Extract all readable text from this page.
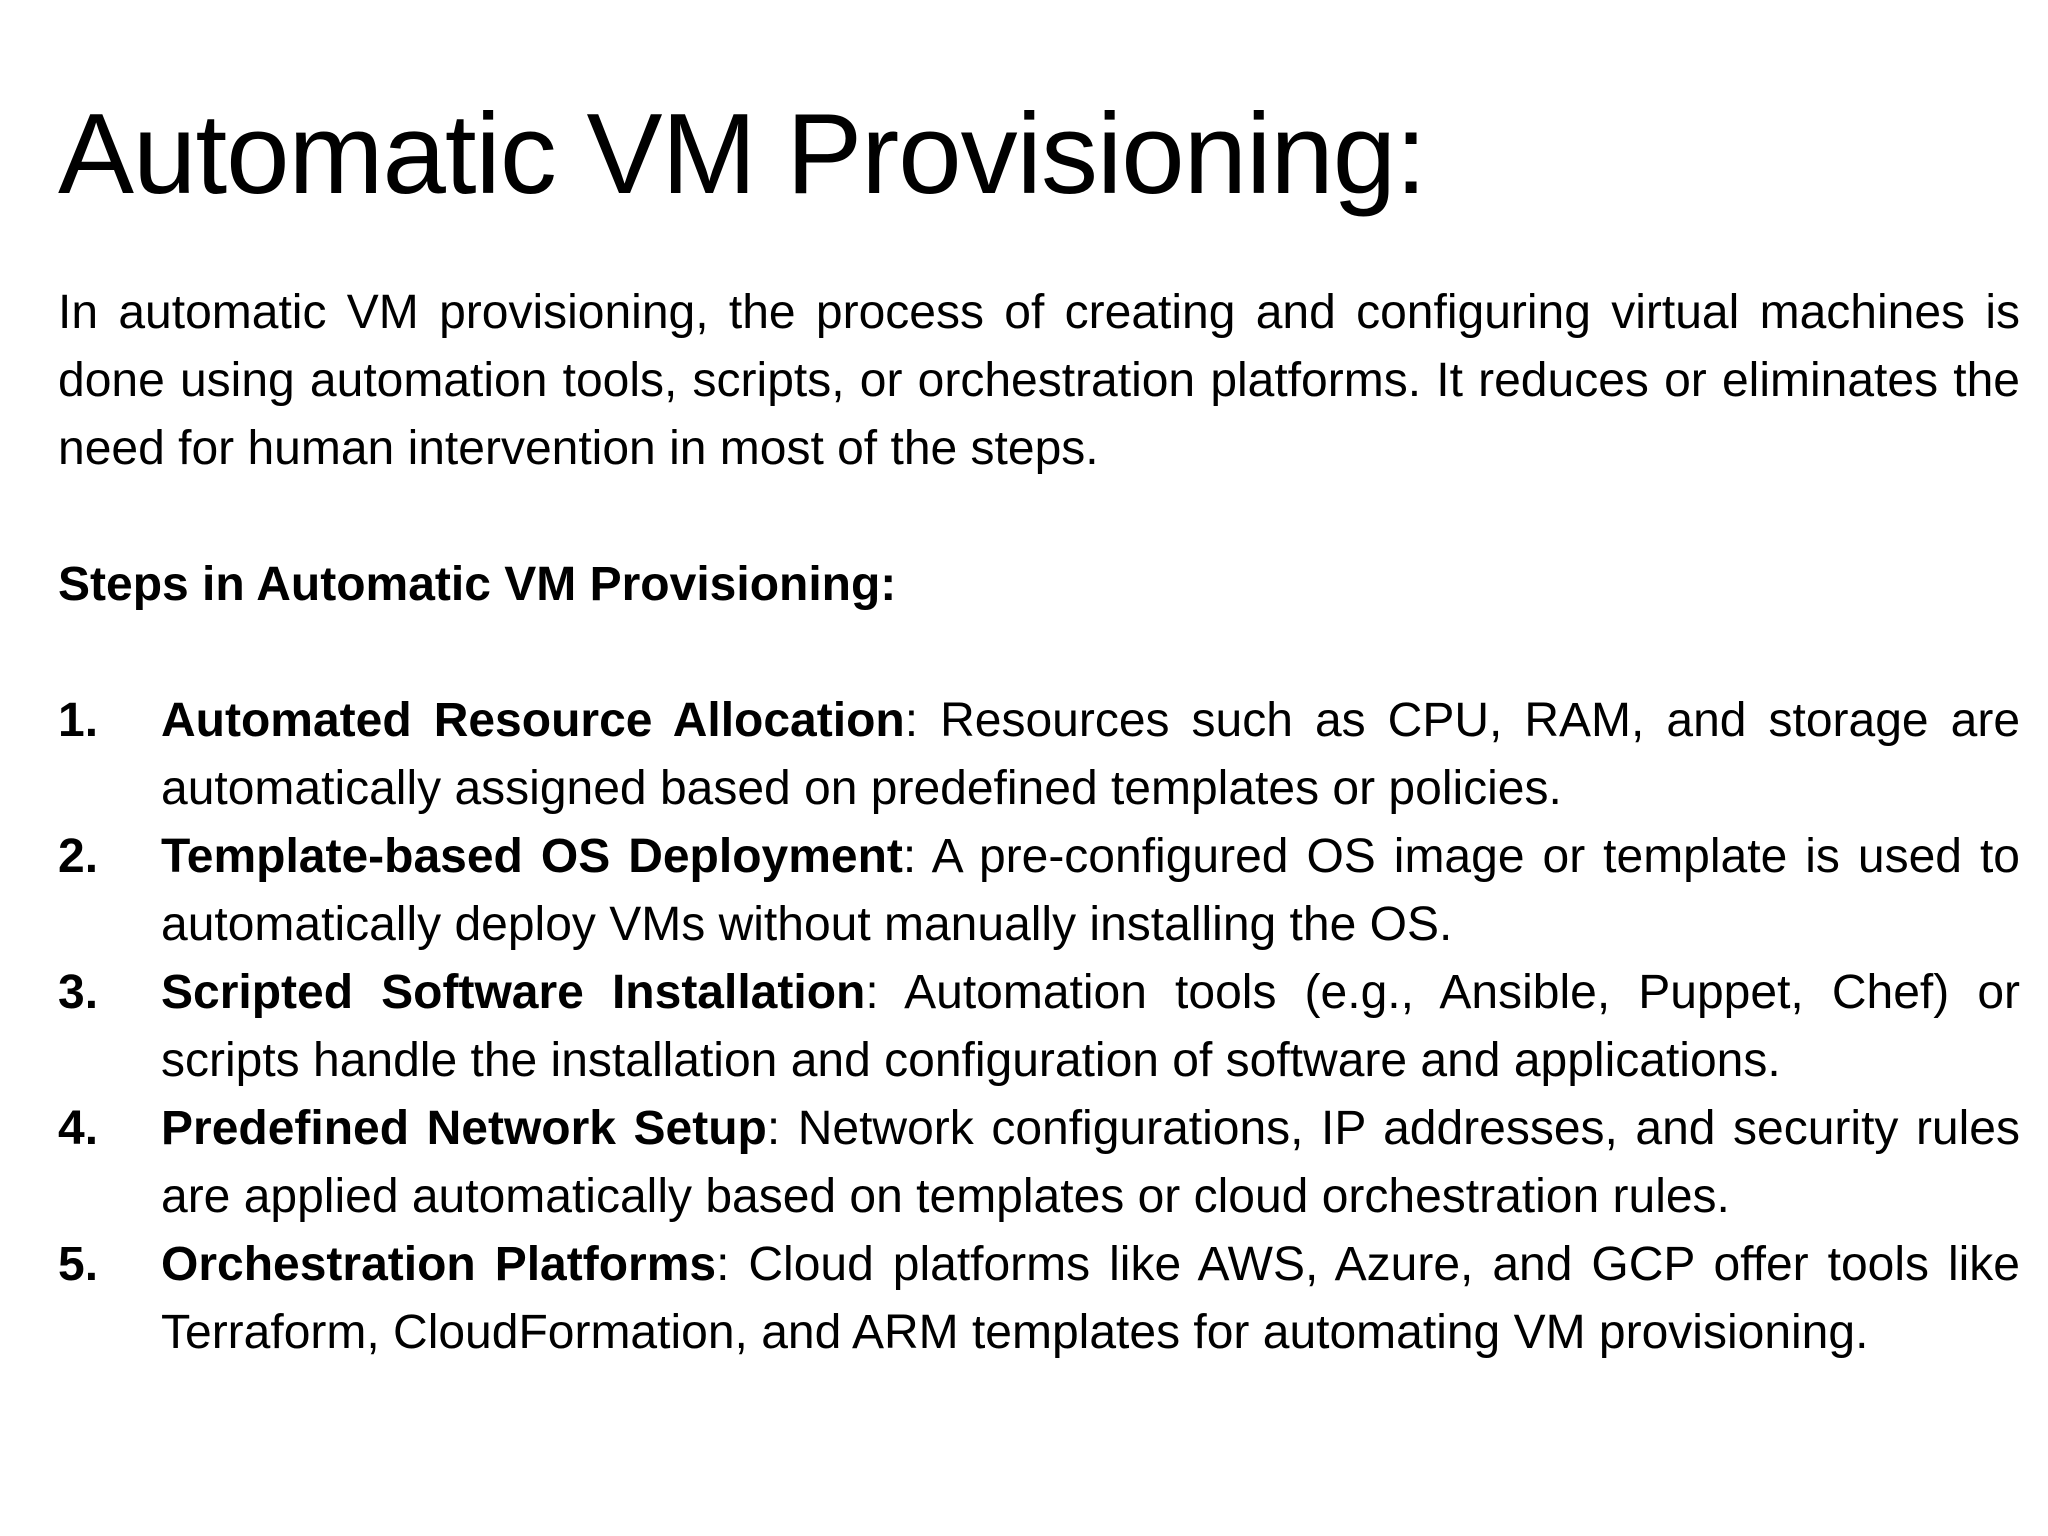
Automatic VM Provisioning:

In automatic VM provisioning, the process of creating and configuring virtual machines is done using automation tools, scripts, or orchestration platforms. It reduces or eliminates the need for human intervention in most of the steps.

Steps in Automatic VM Provisioning:
1. Automated Resource Allocation: Resources such as CPU, RAM, and storage are automatically assigned based on predefined templates or policies.
2. Template-based OS Deployment: A pre-configured OS image or template is used to automatically deploy VMs without manually installing the OS.
3. Scripted Software Installation: Automation tools (e.g., Ansible, Puppet, Chef) or scripts handle the installation and configuration of software and applications.
4. Predefined Network Setup: Network configurations, IP addresses, and security rules are applied automatically based on templates or cloud orchestration rules.
5. Orchestration Platforms: Cloud platforms like AWS, Azure, and GCP offer tools like Terraform, CloudFormation, and ARM templates for automating VM provisioning.
